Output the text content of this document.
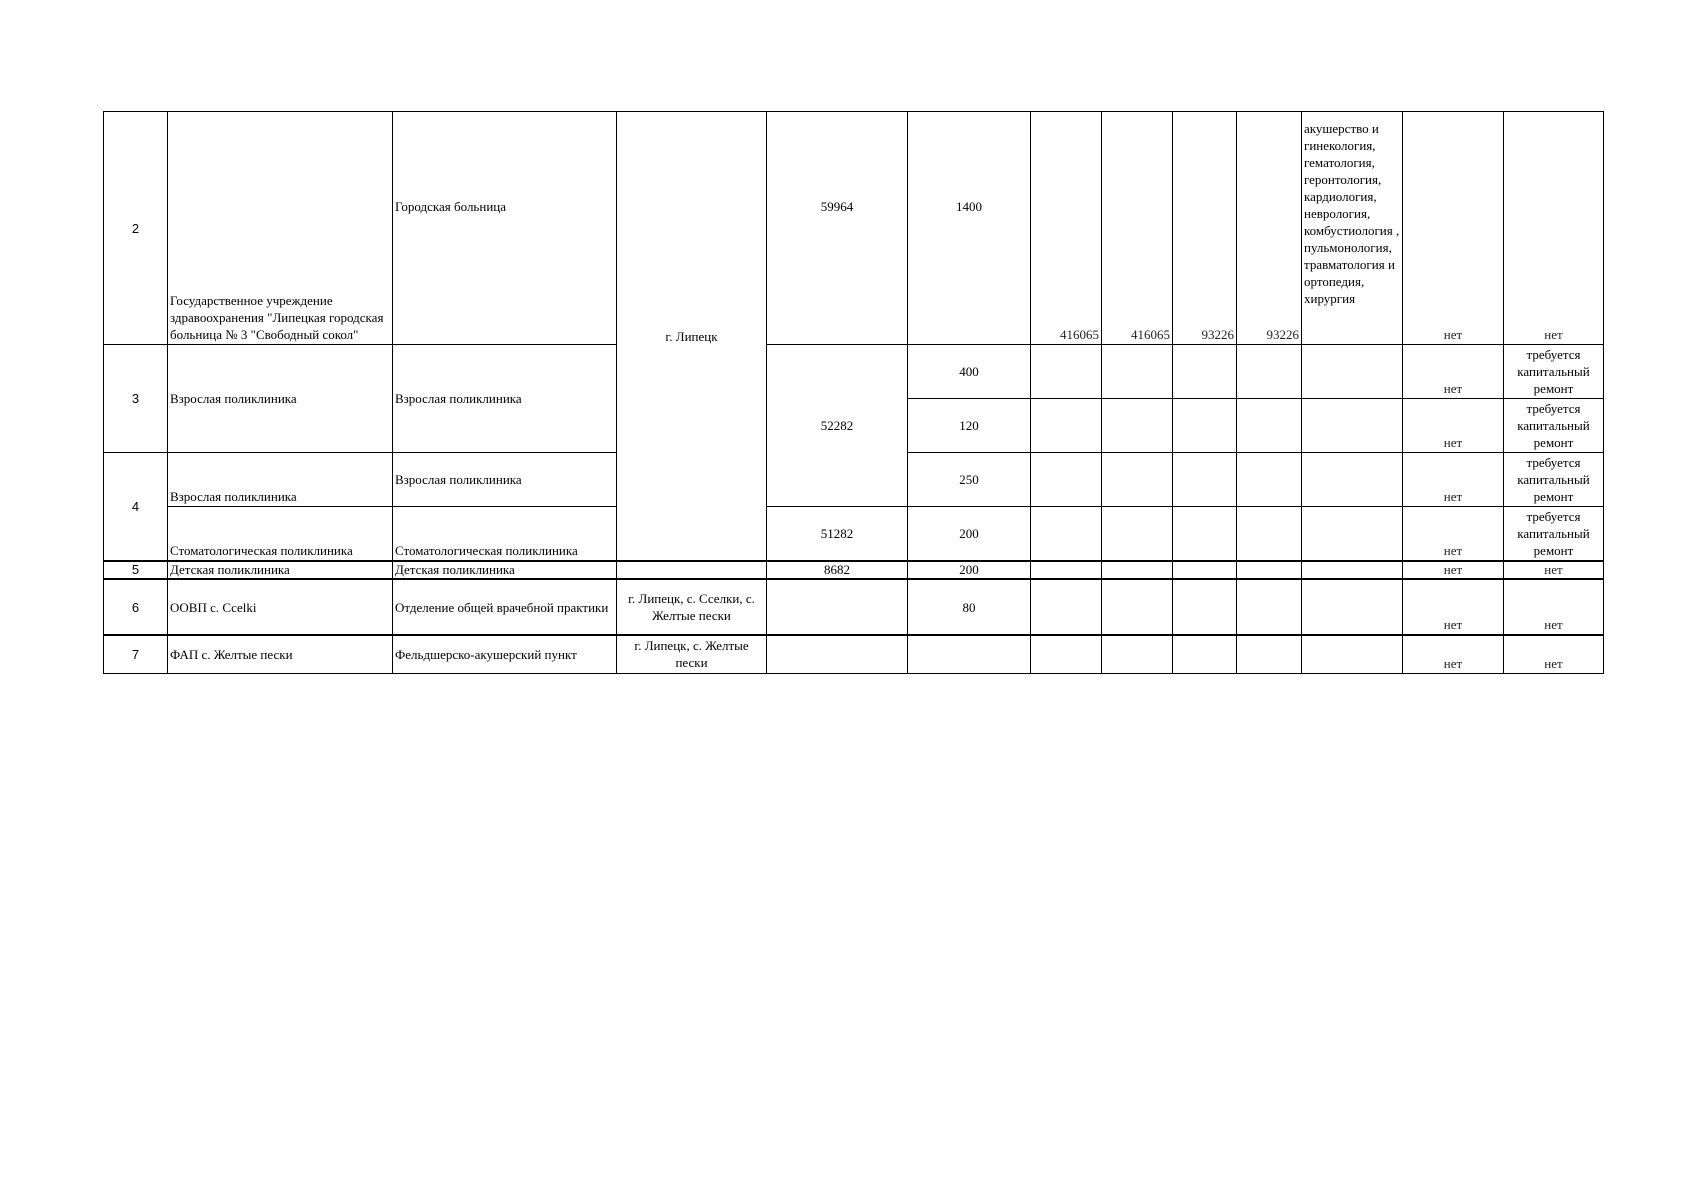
2	Государственное учреждение здравоохранения "Липецкая городская больница № 3 "Свободный сокол"	Городская больница	г. Липецк	59964	1400	416065	416065	93226	93226	акушерство и гинекология, гематология, геронтология, кардиология, неврология, комбустиология , пульмонология, травматология и ортопедия, хирургия	нет	нет
3	Взрослая поликлиника	Взрослая поликлиника		52282	400						нет	требуется капитальный ремонт
					120						нет	требуется капитальный ремонт
4	Взрослая поликлиника	Взрослая поликлиника			250						нет	требуется капитальный ремонт
	Стоматологическая поликлиника	Стоматологическая поликлиника		51282	200						нет	требуется капитальный ремонт
5	Детская поликлиника	Детская поликлиника		8682	200						нет	нет
6	ООВП с. Ссelki	Отделение общей врачебной практики	г. Липецк, с. Сселки, с. Желтые пески		80						нет	нет
7	ФАП с. Желтые пески	Фельдшерско-акушерский пункт	г. Липецк, с. Желтые пески								нет	нет
